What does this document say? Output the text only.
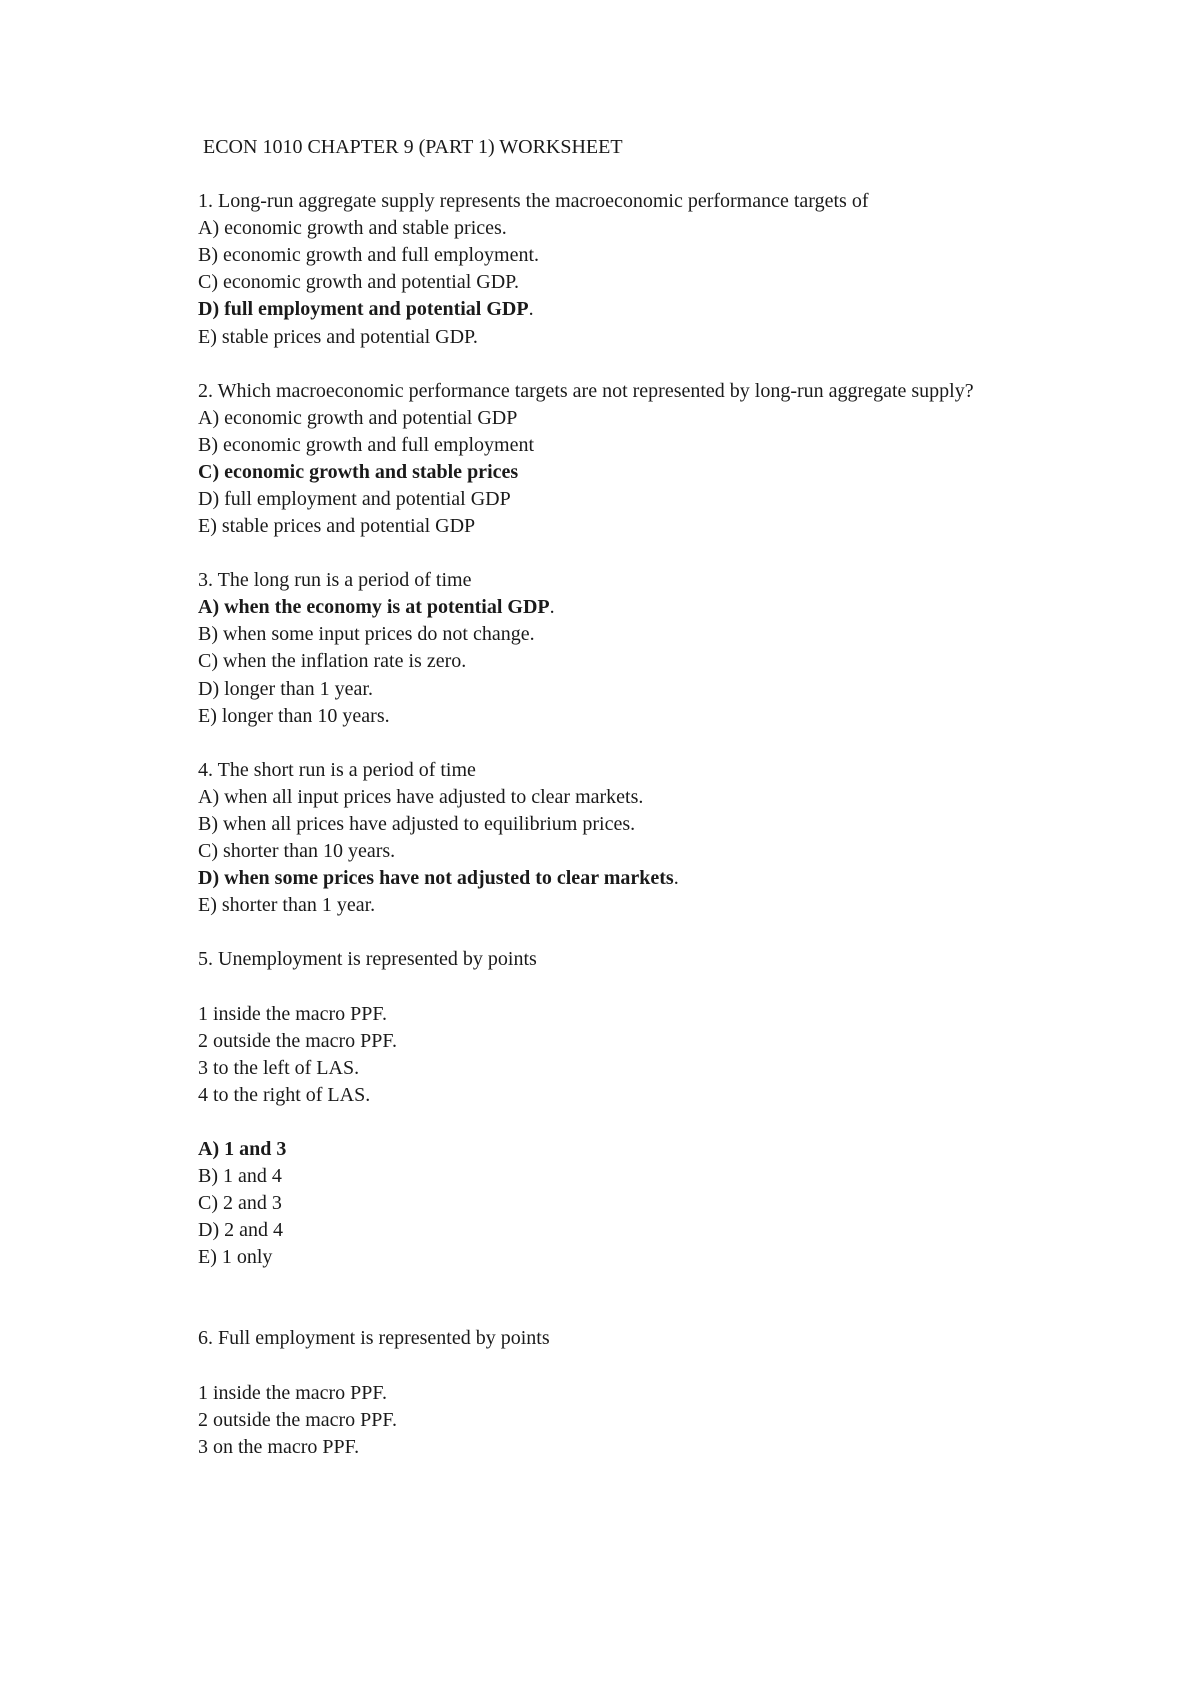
ECON 1010 CHAPTER 9 (PART 1) WORKSHEET
1. Long-run aggregate supply represents the macroeconomic performance targets of
A) economic growth and stable prices.
B) economic growth and full employment.
C) economic growth and potential GDP.
D) full employment and potential GDP.
E) stable prices and potential GDP.
2. Which macroeconomic performance targets are not represented by long-run aggregate supply?
A) economic growth and potential GDP
B) economic growth and full employment
C) economic growth and stable prices
D) full employment and potential GDP
E) stable prices and potential GDP
3. The long run is a period of time
A) when the economy is at potential GDP.
B) when some input prices do not change.
C) when the inflation rate is zero.
D) longer than 1 year.
E) longer than 10 years.
4. The short run is a period of time
A) when all input prices have adjusted to clear markets.
B) when all prices have adjusted to equilibrium prices.
C) shorter than 10 years.
D) when some prices have not adjusted to clear markets.
E) shorter than 1 year.
5. Unemployment is represented by points
1 inside the macro PPF.
2 outside the macro PPF.
3 to the left of LAS.
4 to the right of LAS.
A) 1 and 3
B) 1 and 4
C) 2 and 3
D) 2 and 4
E) 1 only
6. Full employment is represented by points
1 inside the macro PPF.
2 outside the macro PPF.
3 on the macro PPF.
